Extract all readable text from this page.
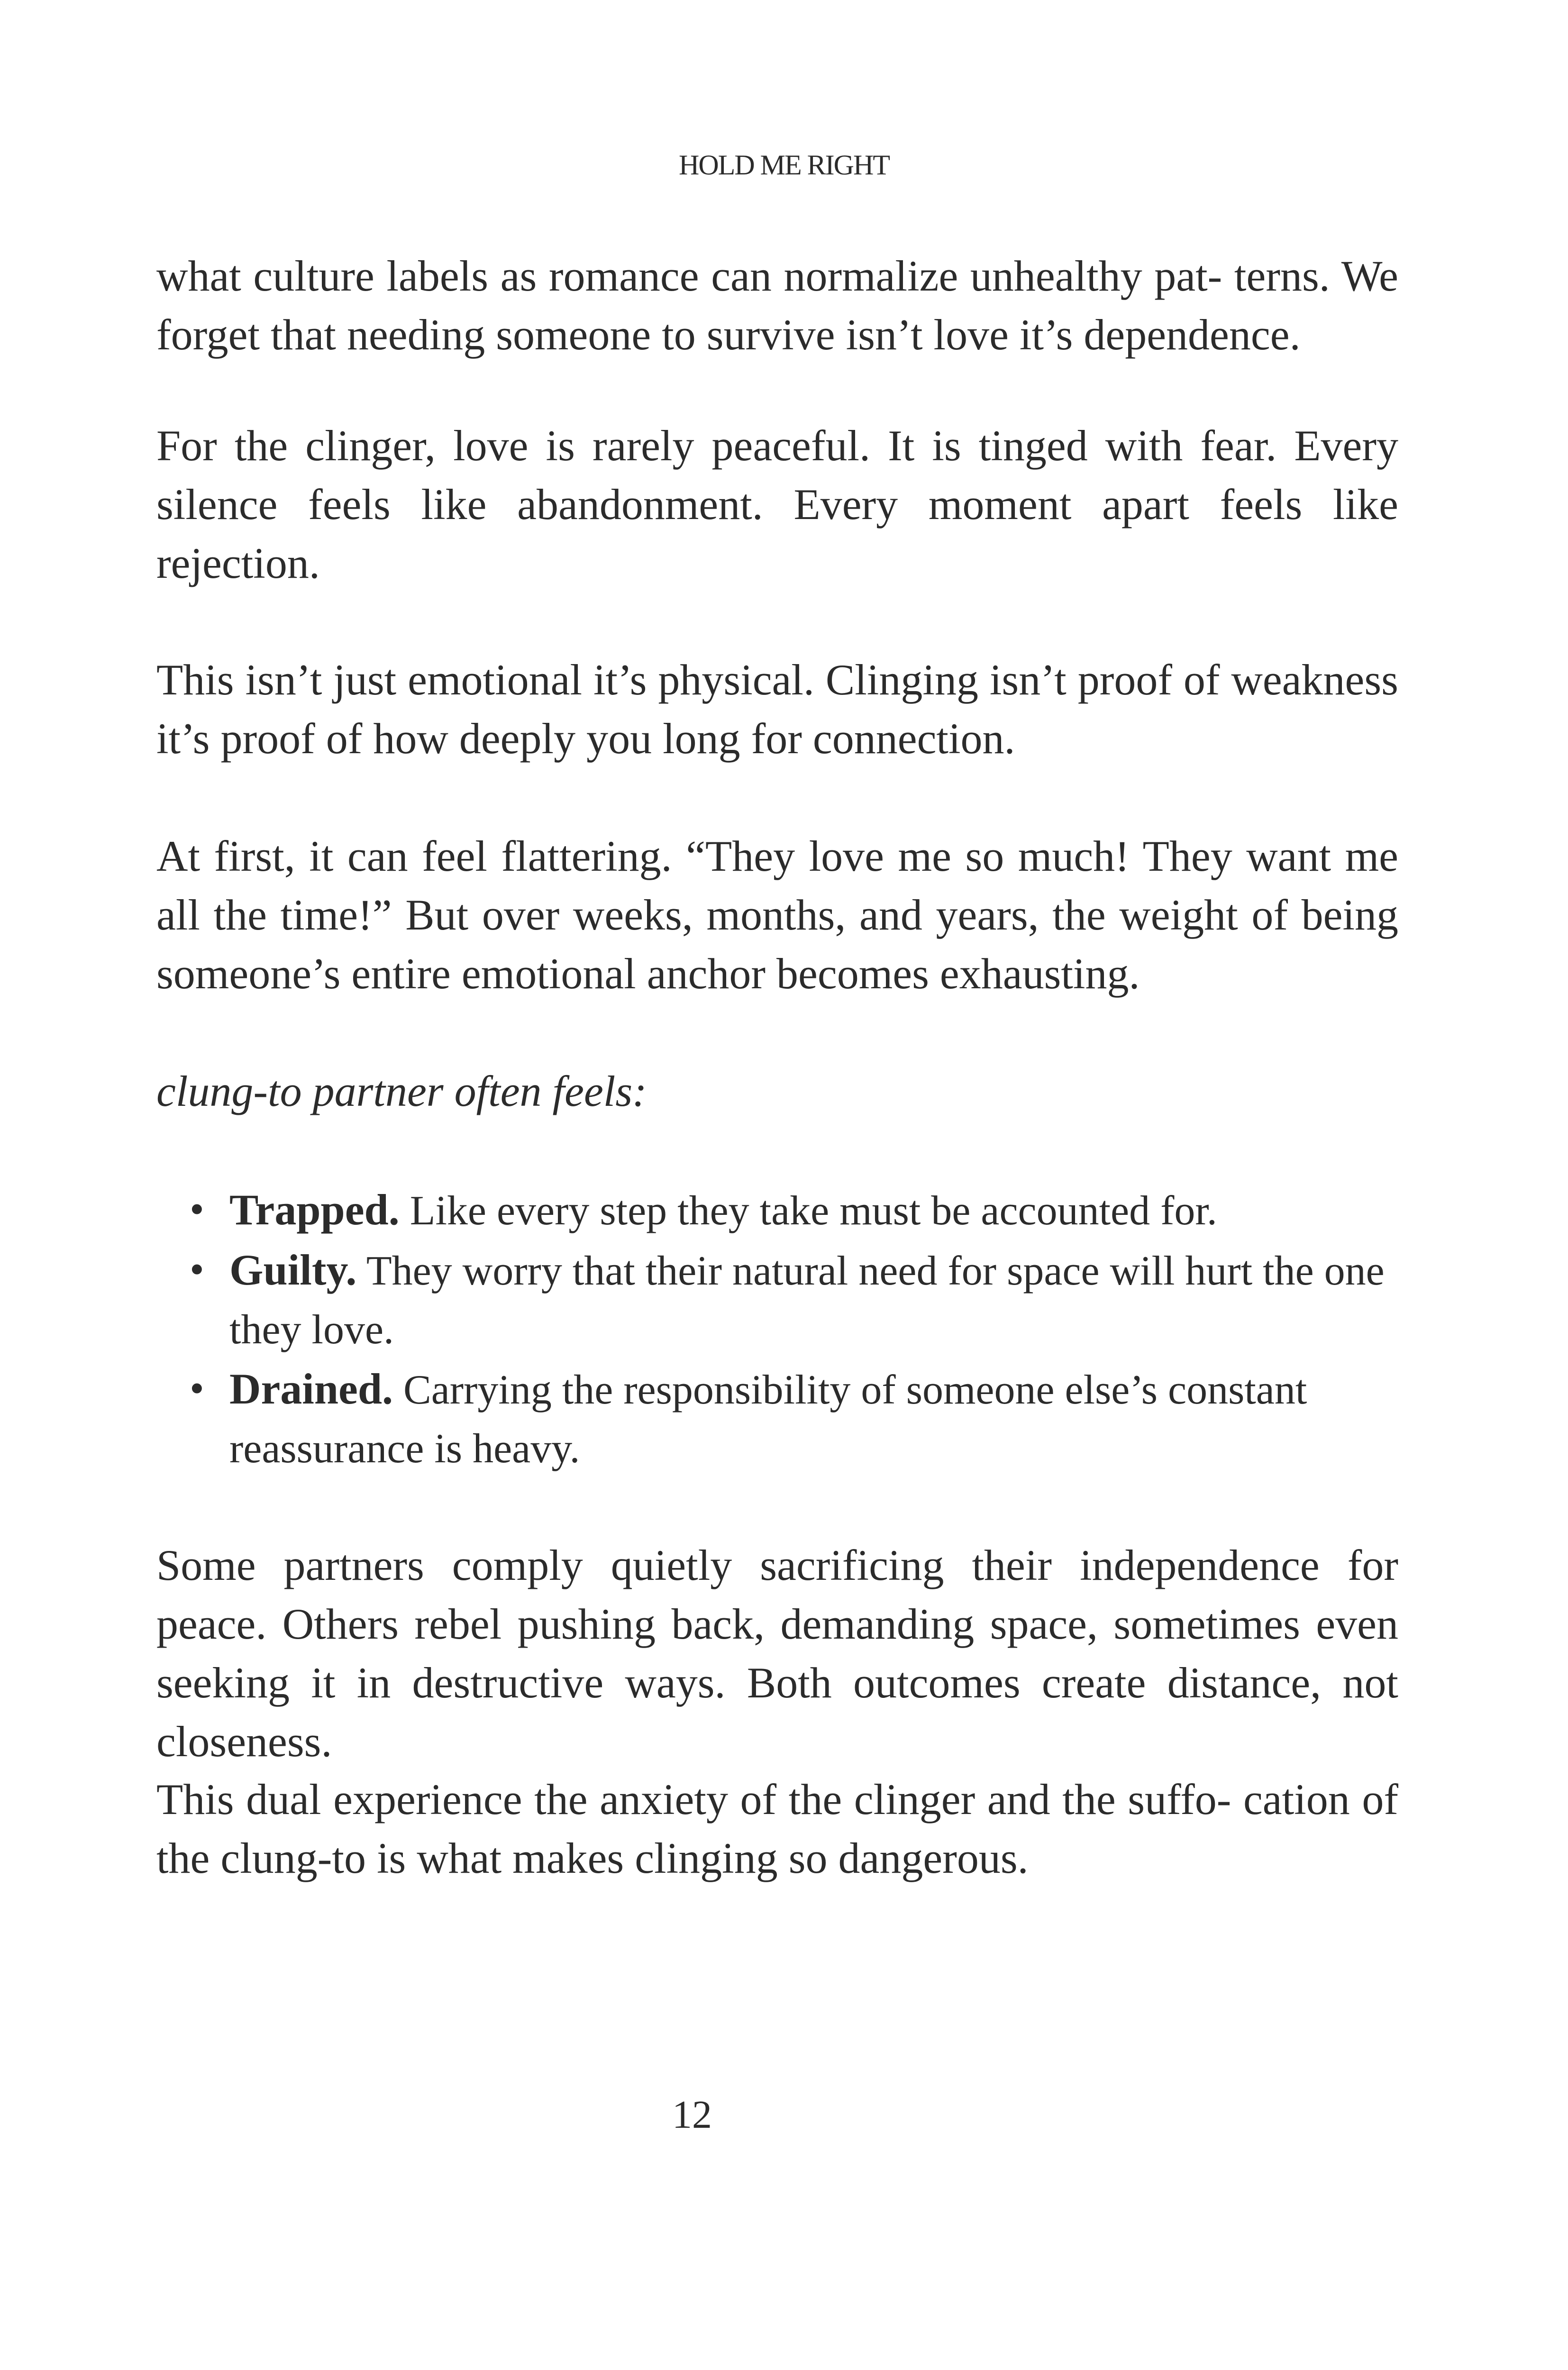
HOLD ME RIGHT

what culture labels as romance can normalize unhealthy pat- terns. We forget that needing someone to survive isn’t love it’s dependence.

For the clinger, love is rarely peaceful. It is tinged with fear. Every silence feels like abandonment. Every moment apart feels like rejection.

This isn’t just emotional it’s physical. Clinging isn’t proof of weakness it’s proof of how deeply you long for connection.

At first, it can feel flattering. “They love me so much! They want me all the time!” But over weeks, months, and years, the weight of being someone’s entire emotional anchor becomes exhausting.

clung-to partner often feels:

• Trapped. Like every step they take must be accounted for.
• Guilty. They worry that their natural need for space will hurt the one they love.
• Drained. Carrying the responsibility of someone else’s constant reassurance is heavy.

Some partners comply quietly sacrificing their independence for peace. Others rebel pushing back, demanding space, sometimes even seeking it in destructive ways. Both outcomes create distance, not closeness.

This dual experience the anxiety of the clinger and the suffo- cation of the clung-to is what makes clinging so dangerous.

12
